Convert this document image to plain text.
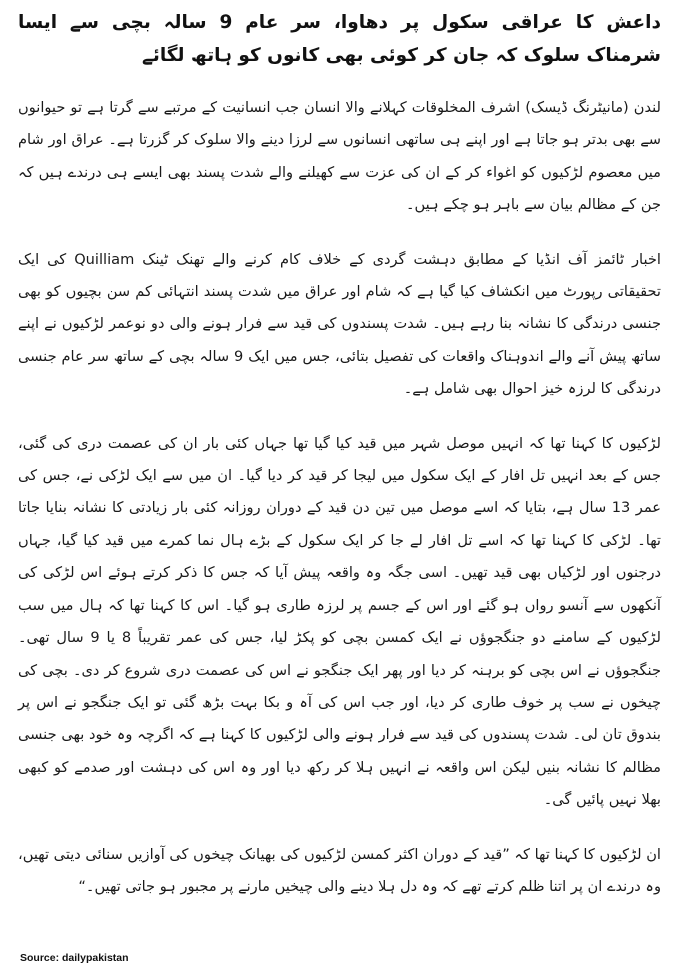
داعش کا عراقی سکول پر دھاوا، سر عام 9 سالہ بچی سے ایسا شرمناک سلوک کہ جان کر کوئی بھی کانوں کو ہاتھ لگائے

لندن (مانیٹرنگ ڈیسک) اشرف المخلوقات کہلانے والا انسان جب انسانیت کے مرتبے سے گرتا ہے تو حیوانوں سے بھی بدتر ہو جاتا ہے اور اپنے ہی ساتھی انسانوں سے لرزا دینے والا سلوک کر گزرتا ہے۔ عراق اور شام میں معصوم لڑکیوں کو اغواء کر کے ان کی عزت سے کھیلنے والے شدت پسند بھی ایسے ہی درندے ہیں کہ جن کے مظالم بیان سے باہر ہو چکے ہیں۔

اخبار ٹائمز آف انڈیا کے مطابق دہشت گردی کے خلاف کام کرنے والے تھنک ٹینک Quilliam کی ایک تحقیقاتی رپورٹ میں انکشاف کیا گیا ہے کہ شام اور عراق میں شدت پسند انتہائی کم سن بچیوں کو بھی جنسی درندگی کا نشانہ بنا رہے ہیں۔ شدت پسندوں کی قید سے فرار ہونے والی دو نوعمر لڑکیوں نے اپنے ساتھ پیش آنے والے اندوہناک واقعات کی تفصیل بتائی، جس میں ایک 9 سالہ بچی کے ساتھ سر عام جنسی درندگی کا لرزہ خیز احوال بھی شامل ہے۔

لڑکیوں کا کہنا تھا کہ انہیں موصل شہر میں قید کیا گیا تھا جہاں کئی بار ان کی عصمت دری کی گئی، جس کے بعد انہیں تل افار کے ایک سکول میں لیجا کر قید کر دیا گیا۔ ان میں سے ایک لڑکی نے، جس کی عمر 13 سال ہے، بتایا کہ اسے موصل میں تین دن قید کے دوران روزانہ کئی بار زیادتی کا نشانہ بنایا جاتا تھا۔ لڑکی کا کہنا تھا کہ اسے تل افار لے جا کر ایک سکول کے بڑے ہال نما کمرے میں قید کیا گیا، جہاں درجنوں اور لڑکیاں بھی قید تھیں۔ اسی جگہ وہ واقعہ پیش آیا کہ جس کا ذکر کرتے ہوئے اس لڑکی کی آنکھوں سے آنسو رواں ہو گئے اور اس کے جسم پر لرزہ طاری ہو گیا۔ اس کا کہنا تھا کہ ہال میں سب لڑکیوں کے سامنے دو جنگجوؤں نے ایک کمسن بچی کو پکڑ لیا، جس کی عمر تقریباً 8 یا 9 سال تھی۔ جنگجوؤں نے اس بچی کو برہنہ کر دیا اور پھر ایک جنگجو نے اس کی عصمت دری شروع کر دی۔ بچی کی چیخوں نے سب پر خوف طاری کر دیا، اور جب اس کی آہ و بکا بہت بڑھ گئی تو ایک جنگجو نے اس پر بندوق تان لی۔ شدت پسندوں کی قید سے فرار ہونے والی لڑکیوں کا کہنا ہے کہ اگرچہ وہ خود بھی جنسی مظالم کا نشانہ بنیں لیکن اس واقعہ نے انہیں ہلا کر رکھ دیا اور وہ اس کی دہشت اور صدمے کو کبھی بھلا نہیں پائیں گی۔

ان لڑکیوں کا کہنا تھا کہ ”قید کے دوران اکثر کمسن لڑکیوں کی بھیانک چیخوں کی آوازیں سنائی دیتی تھیں، وہ درندے ان پر اتنا ظلم کرتے تھے کہ وہ دل ہلا دینے والی چیخیں مارنے پر مجبور ہو جاتی تھیں۔“

Source: dailypakistan
